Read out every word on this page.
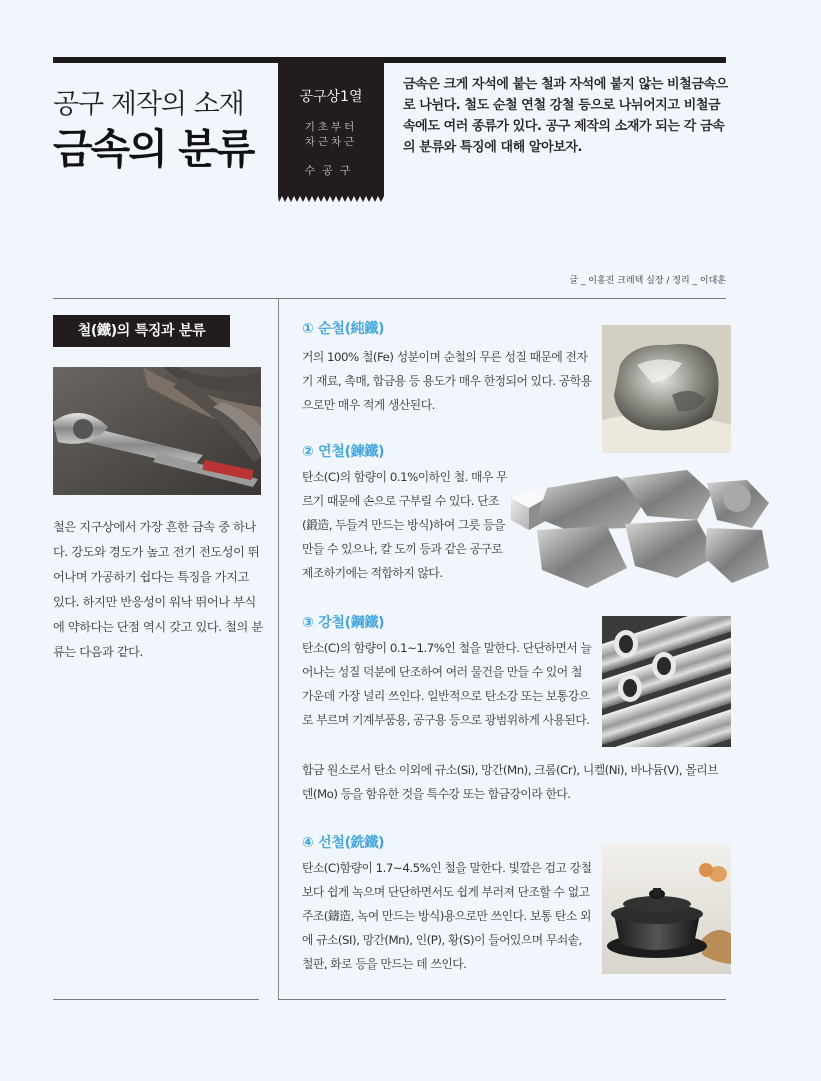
공구 제작의 소재
금속의 분류
공구상1열
기초부터
차근차근
수공구
금속은 크게 자석에 붙는 철과 자석에 붙지 않는 비철금속으로 나뉜다. 철도 순철 연철 강철 등으로 나뉘어지고 비철금속에도 여러 종류가 있다. 공구 제작의 소재가 되는 각 금속의 분류와 특징에 대해 알아보자.
글 _ 이홍진 크레텍 실장 / 정리 _ 이대훈
철(鐵)의 특징과 분류
철은 지구상에서 가장 흔한 금속 중 하나다. 강도와 경도가 높고 전기 전도성이 뛰어나며 가공하기 쉽다는 특징을 가지고 있다. 하지만 반응성이 워낙 뛰어나 부식에 약하다는 단점 역시 갖고 있다. 철의 분류는 다음과 같다.
① 순철(純鐵)
거의 100% 철(Fe) 성분이며 순철의 무른 성질 때문에 전자기 재료, 촉매, 합금용 등 용도가 매우 한정되어 있다. 공학용으로만 매우 적게 생산된다.
② 연철(鍊鐵)
탄소(C)의 함량이 0.1%이하인 철. 매우 무르기 때문에 손으로 구부릴 수 있다. 단조(鍛造, 두들겨 만드는 방식)하여 그릇 등을 만들 수 있으나, 칼 도끼 등과 같은 공구로 제조하기에는 적합하지 않다.
③ 강철(鋼鐵)
탄소(C)의 함량이 0.1~1.7%인 철을 말한다. 단단하면서 늘어나는 성질 덕분에 단조하여 여러 물건을 만들 수 있어 철 가운데 가장 널리 쓰인다. 일반적으로 탄소강 또는 보통강으로 부르며 기계부품용, 공구용 등으로 광범위하게 사용된다.
합금 원소로서 탄소 이외에 규소(Si), 망간(Mn), 크롬(Cr), 니켈(Ni), 바나듐(V), 몰리브덴(Mo) 등을 함유한 것을 특수강 또는 합금강이라 한다.
④ 선철(銑鐵)
탄소(C)함량이 1.7~4.5%인 철을 말한다. 빛깔은 검고 강철보다 쉽게 녹으며 단단하면서도 쉽게 부러져 단조할 수 없고 주조(鑄造, 녹여 만드는 방식)용으로만 쓰인다. 보통 탄소 외에 규소(SI), 망간(Mn), 인(P), 황(S)이 들어있으며 무쇠솥, 철판, 화로 등을 만드는 데 쓰인다.
